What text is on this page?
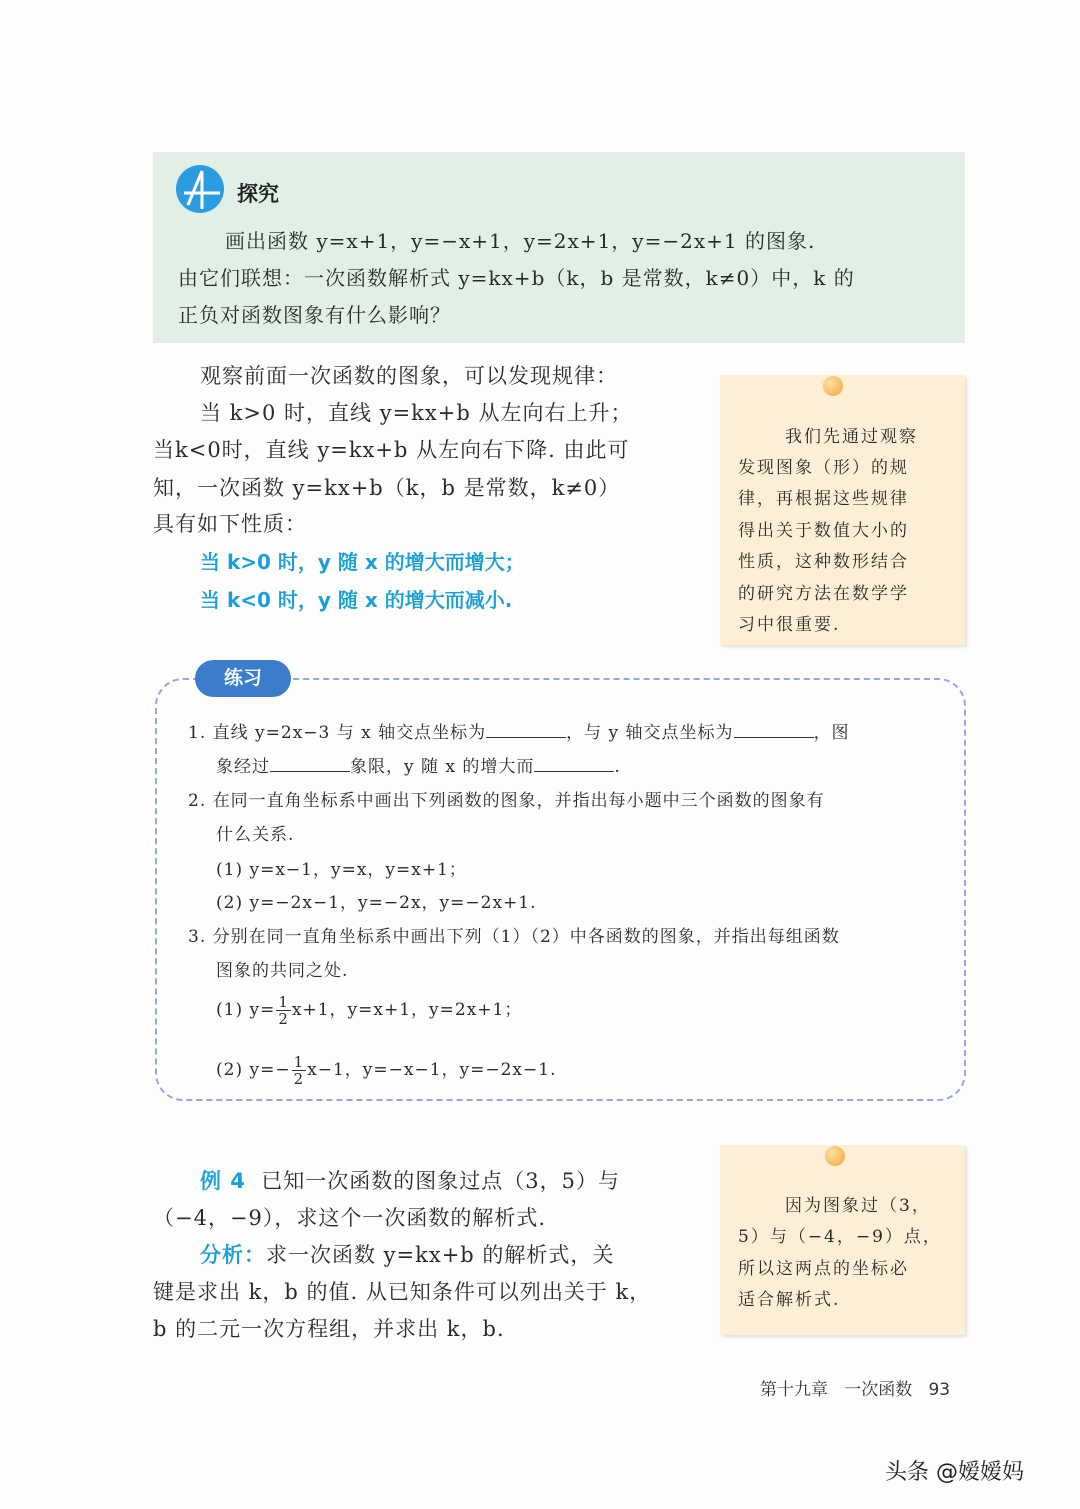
探究
画出函数 y=x+1，y=−x+1，y=2x+1，y=−2x+1 的图象.
由它们联想：一次函数解析式 y=kx+b（k，b 是常数，k≠0）中，k 的
正负对函数图象有什么影响？
观察前面一次函数的图象，可以发现规律：
当 k>0 时，直线 y=kx+b 从左向右上升；
当k<0时，直线 y=kx+b 从左向右下降. 由此可
知，一次函数 y=kx+b（k，b 是常数，k≠0）
具有如下性质：
当 k>0 时，y 随 x 的增大而增大；
当 k<0 时，y 随 x 的增大而减小.
我们先通过观察
发现图象（形）的规
律，再根据这些规律
得出关于数值大小的
性质，这种数形结合
的研究方法在数学学
习中很重要.
练习
1. 直线 y=2x−3 与 x 轴交点坐标为	，与 y 轴交点坐标为	，图
象经过	象限，y 随 x 的增大而	.
2. 在同一直角坐标系中画出下列函数的图象，并指出每小题中三个函数的图象有
什么关系.
(1) y=x−1，y=x，y=x+1；
(2) y=−2x−1，y=−2x，y=−2x+1.
3. 分别在同一直角坐标系中画出下列（1）（2）中各函数的图象，并指出每组函数
图象的共同之处.
(1) $y= \frac{1}{2} x+1$，y=x+1，y=2x+1；
(2) $y=- \frac{1}{2} x-1$，y=−x−1，y=−2x−1.
例 4 已知一次函数的图象过点（3，5）与
（−4，−9），求这个一次函数的解析式.
分析：求一次函数 y=kx+b 的解析式，关
键是求出 k，b 的值. 从已知条件可以列出关于 k，
b 的二元一次方程组，并求出 k，b.
因为图象过（3，
5）与（−4，−9）点，
所以这两点的坐标必
适合解析式.
第十九章 一次函数 93
头条 @嫒嫒妈
